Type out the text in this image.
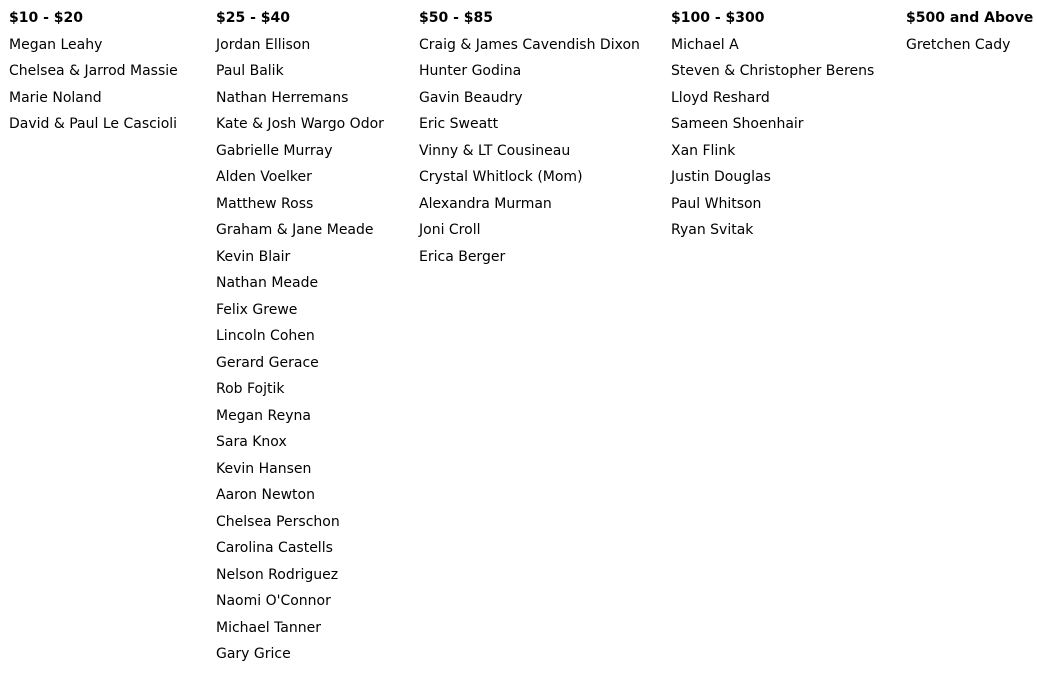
$10 - $20
Megan Leahy
Chelsea & Jarrod Massie
Marie Noland
David & Paul Le Cascioli
$25 - $40
Jordan Ellison
Paul Balik
Nathan Herremans
Kate & Josh Wargo Odor
Gabrielle Murray
Alden Voelker
Matthew Ross
Graham & Jane Meade
Kevin Blair
Nathan Meade
Felix Grewe
Lincoln Cohen
Gerard Gerace
Rob Fojtik
Megan Reyna
Sara Knox
Kevin Hansen
Aaron Newton
Chelsea Perschon
Carolina Castells
Nelson Rodriguez
Naomi O'Connor
Michael Tanner
Gary Grice
$50 - $85
Craig & James Cavendish Dixon
Hunter Godina
Gavin Beaudry
Eric Sweatt
Vinny & LT Cousineau
Crystal Whitlock (Mom)
Alexandra Murman
Joni Croll
Erica Berger
$100 - $300
Michael A
Steven & Christopher Berens
Lloyd Reshard
Sameen Shoenhair
Xan Flink
Justin Douglas
Paul Whitson
Ryan Svitak
$500 and Above
Gretchen Cady
